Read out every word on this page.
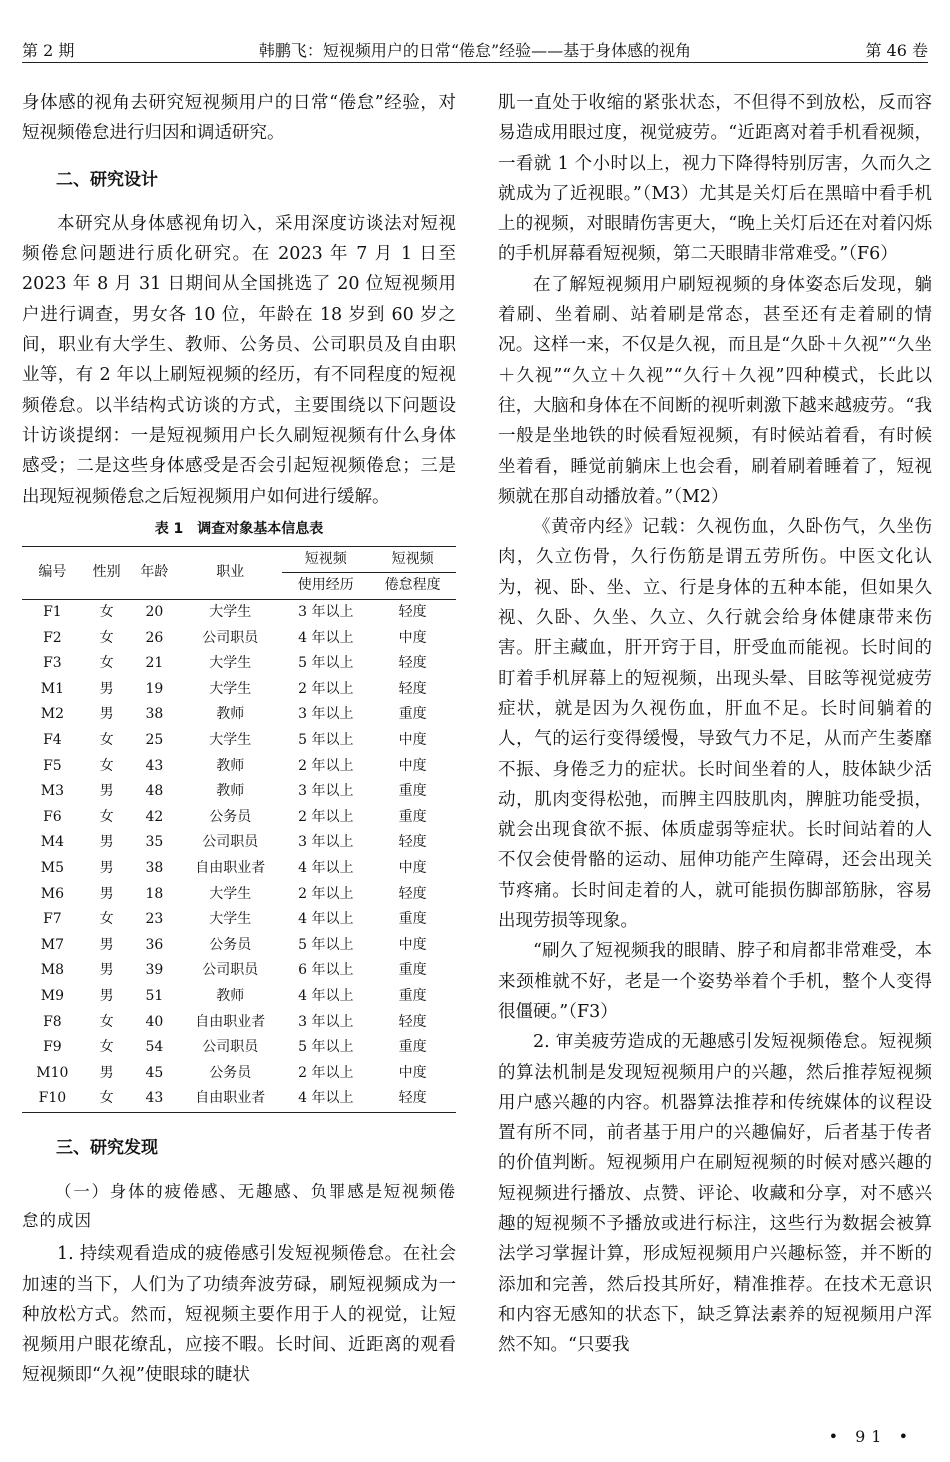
第 2 期	韩鹏飞：短视频用户的日常“倦怠”经验——基于身体感的视角	第 46 卷

身体感的视角去研究短视频用户的日常“倦怠”经验，对短视频倦怠进行归因和调适研究。

二、研究设计

本研究从身体感视角切入，采用深度访谈法对短视频倦怠问题进行质化研究。在 2023 年 7 月 1 日至 2023 年 8 月 31 日期间从全国挑选了 20 位短视频用户进行调查，男女各 10 位，年龄在 18 岁到 60 岁之间，职业有大学生、教师、公务员、公司职员及自由职业等，有 2 年以上刷短视频的经历，有不同程度的短视频倦怠。以半结构式访谈的方式，主要围绕以下问题设计访谈提纲：一是短视频用户长久刷短视频有什么身体感受；二是这些身体感受是否会引起短视频倦怠；三是出现短视频倦怠之后短视频用户如何进行缓解。

表 1　调查对象基本信息表

编号	性别	年龄	职业	短视频	短视频
				使用经历	倦怠程度
F1	女	20	大学生	3 年以上	轻度
F2	女	26	公司职员	4 年以上	中度
F3	女	21	大学生	5 年以上	轻度
M1	男	19	大学生	2 年以上	轻度
M2	男	38	教师	3 年以上	重度
F4	女	25	大学生	5 年以上	中度
F5	女	43	教师	2 年以上	中度
M3	男	48	教师	3 年以上	重度
F6	女	42	公务员	2 年以上	重度
M4	男	35	公司职员	3 年以上	轻度
M5	男	38	自由职业者	4 年以上	中度
M6	男	18	大学生	2 年以上	轻度
F7	女	23	大学生	4 年以上	重度
M7	男	36	公务员	5 年以上	中度
M8	男	39	公司职员	6 年以上	重度
M9	男	51	教师	4 年以上	重度
F8	女	40	自由职业者	3 年以上	轻度
F9	女	54	公司职员	5 年以上	重度
M10	男	45	公务员	2 年以上	中度
F10	女	43	自由职业者	4 年以上	轻度

三、研究发现

（一）身体的疲倦感、无趣感、负罪感是短视频倦怠的成因

1. 持续观看造成的疲倦感引发短视频倦怠。在社会加速的当下，人们为了功绩奔波劳碌，刷短视频成为一种放松方式。然而，短视频主要作用于人的视觉，让短视频用户眼花缭乱，应接不暇。长时间、近距离的观看短视频即“久视”使眼球的睫状

肌一直处于收缩的紧张状态，不但得不到放松，反而容易造成用眼过度，视觉疲劳。“近距离对着手机看视频，一看就 1 个小时以上，视力下降得特别厉害，久而久之就成为了近视眼。”（M3）尤其是关灯后在黑暗中看手机上的视频，对眼睛伤害更大，“晚上关灯后还在对着闪烁的手机屏幕看短视频，第二天眼睛非常难受。”（F6）

在了解短视频用户刷短视频的身体姿态后发现，躺着刷、坐着刷、站着刷是常态，甚至还有走着刷的情况。这样一来，不仅是久视，而且是“久卧＋久视”“久坐＋久视”“久立＋久视”“久行＋久视”四种模式，长此以往，大脑和身体在不间断的视听刺激下越来越疲劳。“我一般是坐地铁的时候看短视频，有时候站着看，有时候坐着看，睡觉前躺床上也会看，刷着刷着睡着了，短视频就在那自动播放着。”（M2）

《黄帝内经》记载：久视伤血，久卧伤气，久坐伤肉，久立伤骨，久行伤筋是谓五劳所伤。中医文化认为，视、卧、坐、立、行是身体的五种本能，但如果久视、久卧、久坐、久立、久行就会给身体健康带来伤害。肝主藏血，肝开窍于目，肝受血而能视。长时间的盯着手机屏幕上的短视频，出现头晕、目眩等视觉疲劳症状，就是因为久视伤血，肝血不足。长时间躺着的人，气的运行变得缓慢，导致气力不足，从而产生萎靡不振、身倦乏力的症状。长时间坐着的人，肢体缺少活动，肌肉变得松弛，而脾主四肢肌肉，脾脏功能受损，就会出现食欲不振、体质虚弱等症状。长时间站着的人不仅会使骨骼的运动、屈伸功能产生障碍，还会出现关节疼痛。长时间走着的人，就可能损伤脚部筋脉，容易出现劳损等现象。

“刷久了短视频我的眼睛、脖子和肩都非常难受，本来颈椎就不好，老是一个姿势举着个手机，整个人变得很僵硬。”（F3）

2. 审美疲劳造成的无趣感引发短视频倦怠。短视频的算法机制是发现短视频用户的兴趣，然后推荐短视频用户感兴趣的内容。机器算法推荐和传统媒体的议程设置有所不同，前者基于用户的兴趣偏好，后者基于传者的价值判断。短视频用户在刷短视频的时候对感兴趣的短视频进行播放、点赞、评论、收藏和分享，对不感兴趣的短视频不予播放或进行标注，这些行为数据会被算法学习掌握计算，形成短视频用户兴趣标签，并不断的添加和完善，然后投其所好，精准推荐。在技术无意识和内容无感知的状态下，缺乏算法素养的短视频用户浑然不知。“只要我

• 91 •
